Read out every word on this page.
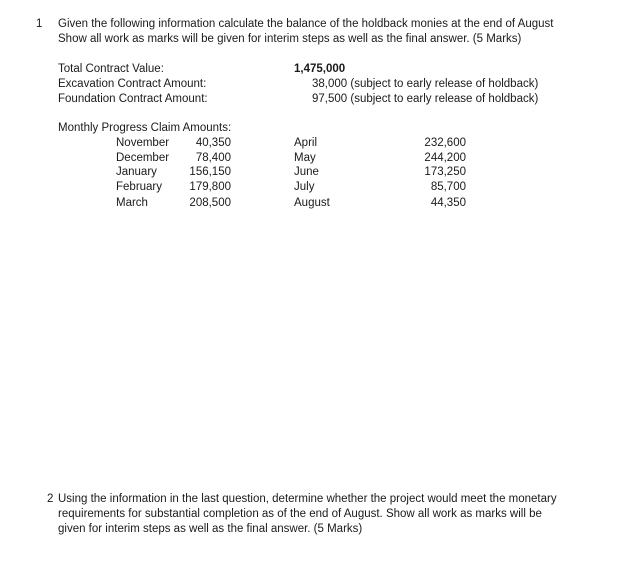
1 Given the following information calculate the balance of the holdback monies at the end of August
Show all work as marks will be given for interim steps as well as the final answer. (5 Marks)
Total Contract Value:	1,475,000
Excavation Contract Amount:	38,000 (subject to early release of holdback)
Foundation Contract Amount:	97,500 (subject to early release of holdback)
Monthly Progress Claim Amounts:
November	40,350
December	78,400
January	156,150
February	179,800
March	208,500
April	232,600
May	244,200
June	173,250
July	85,700
August	44,350
2 Using the information in the last question, determine whether the project would meet the monetary
requirements for substantial completion as of the end of August. Show all work as marks will be
given for interim steps as well as the final answer. (5 Marks)
